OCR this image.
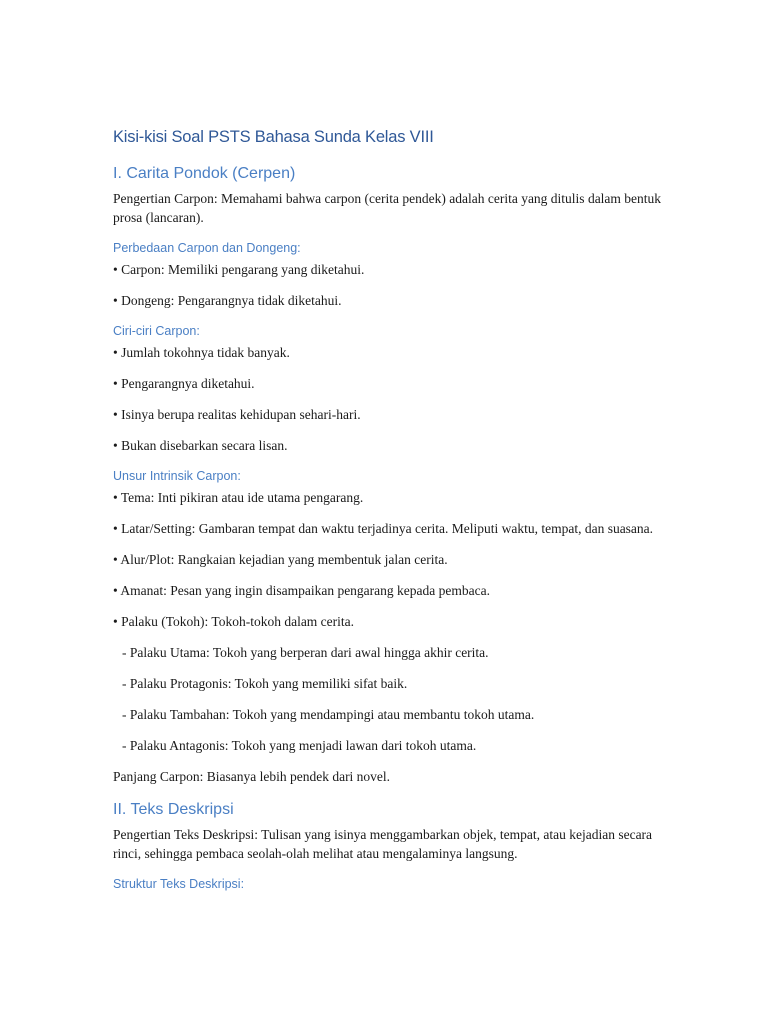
Kisi-kisi Soal PSTS Bahasa Sunda Kelas VIII
I. Carita Pondok (Cerpen)
Pengertian Carpon: Memahami bahwa carpon (cerita pendek) adalah cerita yang ditulis dalam bentuk prosa (lancaran).
Perbedaan Carpon dan Dongeng:
• Carpon: Memiliki pengarang yang diketahui.
• Dongeng: Pengarangnya tidak diketahui.
Ciri-ciri Carpon:
• Jumlah tokohnya tidak banyak.
• Pengarangnya diketahui.
• Isinya berupa realitas kehidupan sehari-hari.
• Bukan disebarkan secara lisan.
Unsur Intrinsik Carpon:
• Tema: Inti pikiran atau ide utama pengarang.
• Latar/Setting: Gambaran tempat dan waktu terjadinya cerita. Meliputi waktu, tempat, dan suasana.
• Alur/Plot: Rangkaian kejadian yang membentuk jalan cerita.
• Amanat: Pesan yang ingin disampaikan pengarang kepada pembaca.
• Palaku (Tokoh): Tokoh-tokoh dalam cerita.
- Palaku Utama: Tokoh yang berperan dari awal hingga akhir cerita.
- Palaku Protagonis: Tokoh yang memiliki sifat baik.
- Palaku Tambahan: Tokoh yang mendampingi atau membantu tokoh utama.
- Palaku Antagonis: Tokoh yang menjadi lawan dari tokoh utama.
Panjang Carpon: Biasanya lebih pendek dari novel.
II. Teks Deskripsi
Pengertian Teks Deskripsi: Tulisan yang isinya menggambarkan objek, tempat, atau kejadian secara rinci, sehingga pembaca seolah-olah melihat atau mengalaminya langsung.
Struktur Teks Deskripsi:
